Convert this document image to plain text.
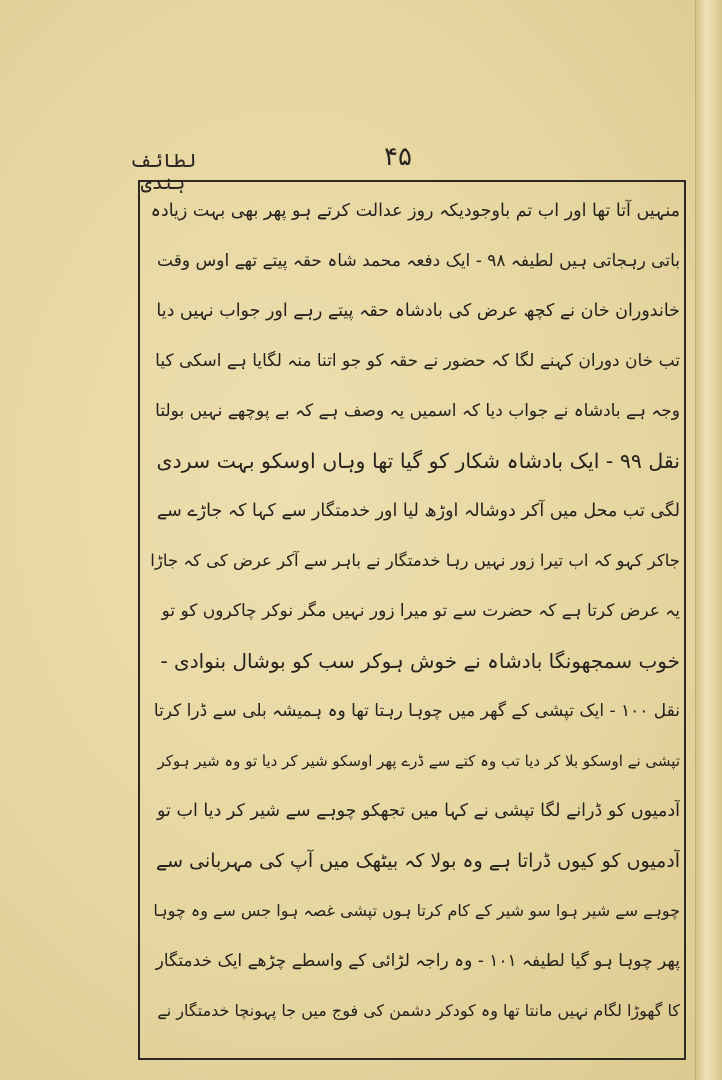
۴۵
لطائف ہندی
منہیں آتا تھا اور اب تم باوجودیکہ روز عدالت کرتے ہو پھر بھی بہت زیادہ
باتی رہجاتی ہیں لطیفہ ۹۸ - ایک دفعہ محمد شاہ حقہ پیتے تھے اوس وقت
خاندوران خان نے کچھ عرض کی بادشاہ حقہ پیتے رہے اور جواب نہیں دیا
تب خان دوران کہنے لگا کہ حضور نے حقہ کو جو اتنا منہ لگایا ہے اسکی کیا
وجہ ہے بادشاہ نے جواب دیا کہ اسمیں یہ وصف ہے کہ بے پوچھے نہیں بولتا
نقل ۹۹ - ایک بادشاہ شکار کو گیا تھا وہاں اوسکو بہت سردی
لگی تب محل میں آکر دوشالہ اوڑھ لیا اور خدمتگار سے کہا کہ جاڑے سے
جاکر کہو کہ اب تیرا زور نہیں رہا خدمتگار نے باہر سے آکر عرض کی کہ جاڑا
یہ عرض کرتا ہے کہ حضرت سے تو میرا زور نہیں مگر نوکر چاکروں کو تو
خوب سمجھونگا بادشاہ نے خوش ہوکر سب کو بوشال بنوادی -
نقل ۱۰۰ - ایک تپشی کے گھر میں چوہا رہتا تھا وہ ہمیشہ بلی سے ڈرا کرتا
تپشی نے اوسکو بلا کر دیا تب وہ کتے سے ڈرے پھر اوسکو شیر کر دیا تو وہ شیر ہوکر
آدمیوں کو ڈرانے لگا تپشی نے کہا میں تجھکو چوہے سے شیر کر دیا اب تو
آدمیوں کو کیوں ڈراتا ہے وہ بولا کہ بیٹھک میں آپ کی مہربانی سے
چوہے سے شیر ہوا سو شیر کے کام کرتا ہوں تپشی غصہ ہوا جس سے وہ چوہا
پھر چوہا ہو گیا لطیفہ ۱۰۱ - وہ راجہ لڑائی کے واسطے چڑھے ایک خدمتگار
کا گھوڑا لگام نہیں مانتا تھا وہ کودکر دشمن کی فوج میں جا پہونچا خدمتگار نے
